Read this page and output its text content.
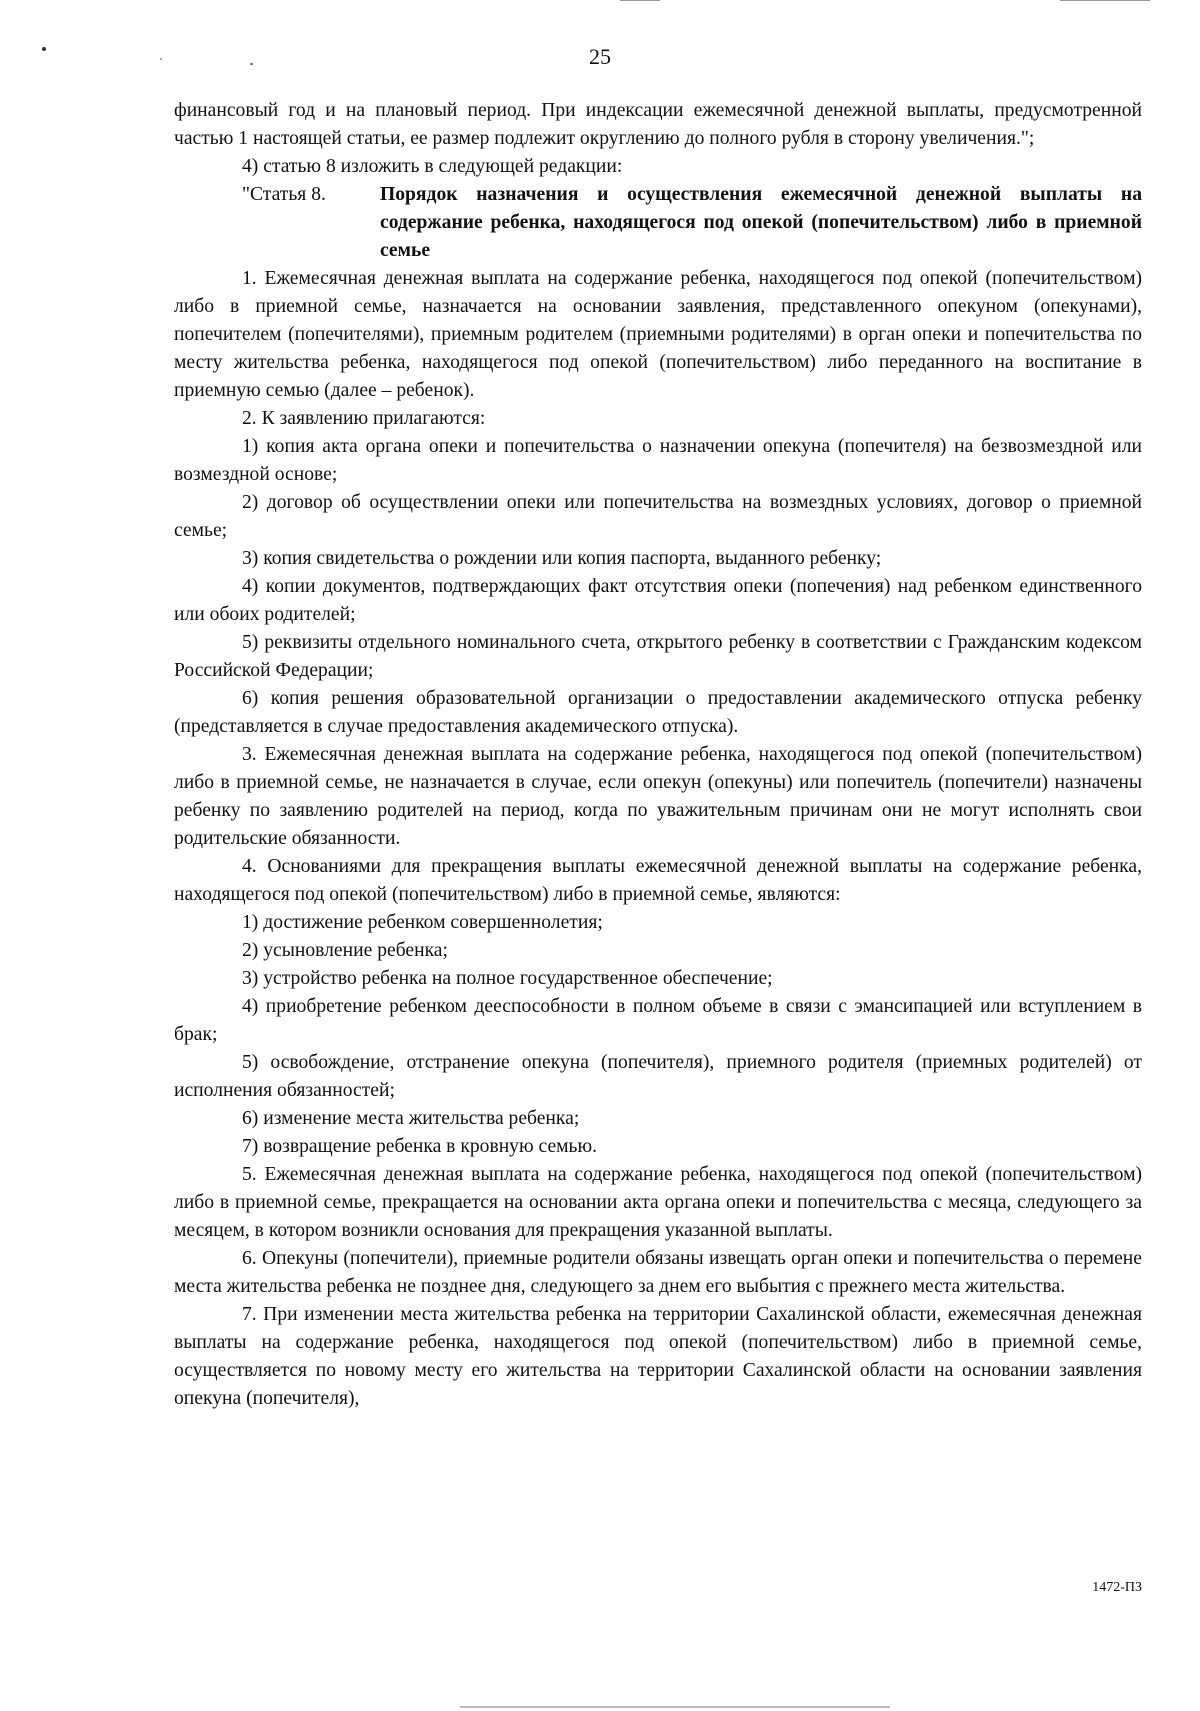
25

финансовый год и на плановый период. При индексации ежемесячной денежной выплаты, предусмотренной частью 1 настоящей статьи, ее размер подлежит округлению до полного рубля в сторону увеличения.";

4) статью 8 изложить в следующей редакции:

"Статья 8.	Порядок назначения и осуществления ежемесячной денежной выплаты на содержание ребенка, находящегося под опекой (попечительством) либо в приемной семье

1. Ежемесячная денежная выплата на содержание ребенка, находящегося под опекой (попечительством) либо в приемной семье, назначается на основании заявления, представленного опекуном (опекунами), попечителем (попечителями), приемным родителем (приемными родителями) в орган опеки и попечительства по месту жительства ребенка, находящегося под опекой (попечительством) либо переданного на воспитание в приемную семью (далее – ребенок).

2. К заявлению прилагаются:

1) копия акта органа опеки и попечительства о назначении опекуна (попечителя) на безвозмездной или возмездной основе;

2) договор об осуществлении опеки или попечительства на возмездных условиях, договор о приемной семье;

3) копия свидетельства о рождении или копия паспорта, выданного ребенку;

4) копии документов, подтверждающих факт отсутствия опеки (попечения) над ребенком единственного или обоих родителей;

5) реквизиты отдельного номинального счета, открытого ребенку в соответствии с Гражданским кодексом Российской Федерации;

6) копия решения образовательной организации о предоставлении академического отпуска ребенку (представляется в случае предоставления академического отпуска).

3. Ежемесячная денежная выплата на содержание ребенка, находящегося под опекой (попечительством) либо в приемной семье, не назначается в случае, если опекун (опекуны) или попечитель (попечители) назначены ребенку по заявлению родителей на период, когда по уважительным причинам они не могут исполнять свои родительские обязанности.

4. Основаниями для прекращения выплаты ежемесячной денежной выплаты на содержание ребенка, находящегося под опекой (попечительством) либо в приемной семье, являются:

1) достижение ребенком совершеннолетия;

2) усыновление ребенка;

3) устройство ребенка на полное государственное обеспечение;

4) приобретение ребенком дееспособности в полном объеме в связи с эмансипацией или вступлением в брак;

5) освобождение, отстранение опекуна (попечителя), приемного родителя (приемных родителей) от исполнения обязанностей;

6) изменение места жительства ребенка;

7) возвращение ребенка в кровную семью.

5. Ежемесячная денежная выплата на содержание ребенка, находящегося под опекой (попечительством) либо в приемной семье, прекращается на основании акта органа опеки и попечительства с месяца, следующего за месяцем, в котором возникли основания для прекращения указанной выплаты.

6. Опекуны (попечители), приемные родители обязаны извещать орган опеки и попечительства о перемене места жительства ребенка не позднее дня, следующего за днем его выбытия с прежнего места жительства.

7. При изменении места жительства ребенка на территории Сахалинской области, ежемесячная денежная выплаты на содержание ребенка, находящегося под опекой (попечительством) либо в приемной семье, осуществляется по новому месту его жительства на территории Сахалинской области на основании заявления опекуна (попечителя),

1472-ПЗ
